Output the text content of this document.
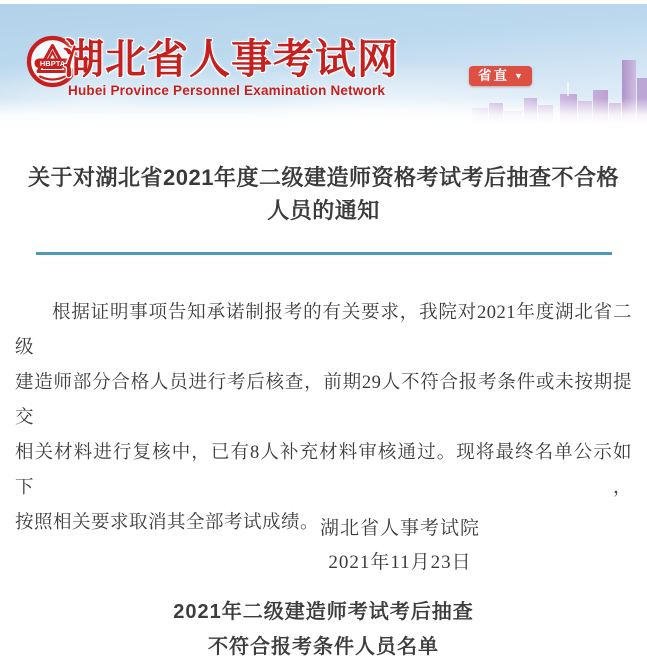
HBPTA
湖北省人事考试网
Hubei Province Personnel Examination Network
省直 ▼
关于对湖北省2021年度二级建造师资格考试考后抽查不合格
人员的通知
根据证明事项告知承诺制报考的有关要求，我院对2021年度湖北省二级
建造师部分合格人员进行考后核查，前期29人不符合报考条件或未按期提交
相关材料进行复核中，已有8人补充材料审核通过。现将最终名单公示如下，
按照相关要求取消其全部考试成绩。 湖北省人事考试院
2021年11月23日
2021年二级建造师考试考后抽查
不符合报考条件人员名单
